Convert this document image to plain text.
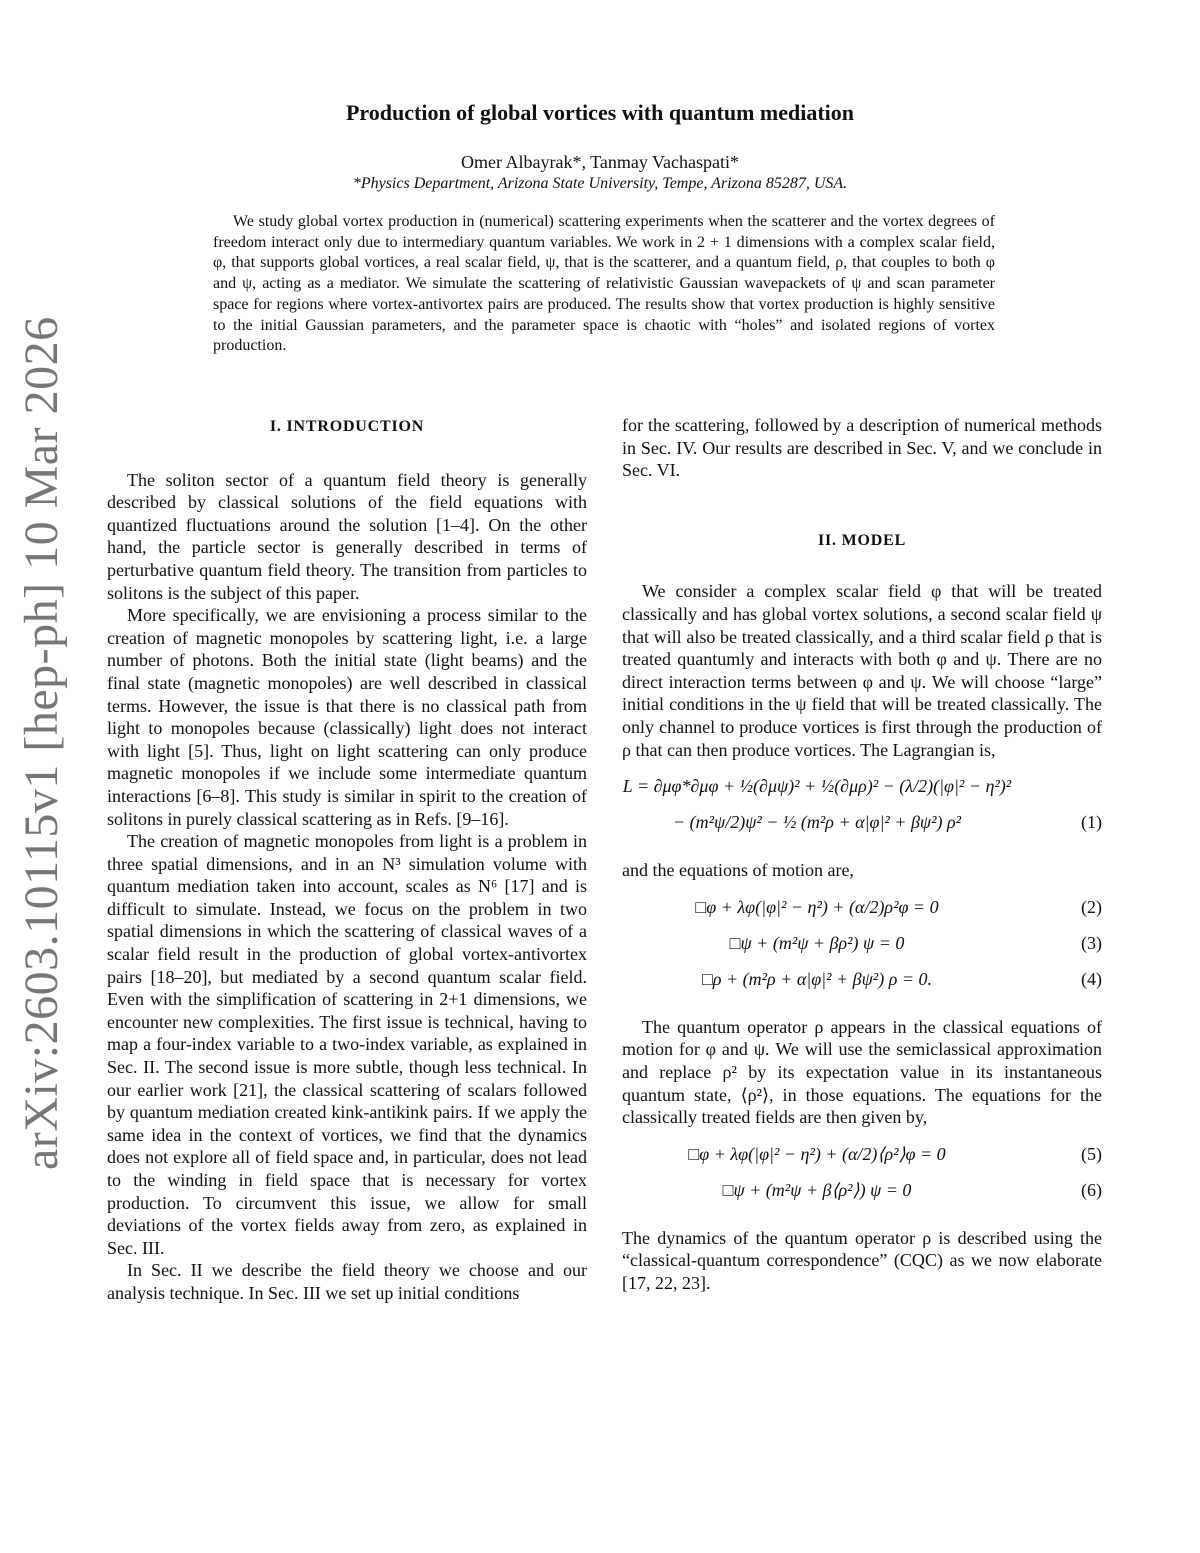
arXiv:2603.10115v1 [hep-ph] 10 Mar 2026
Production of global vortices with quantum mediation
Omer Albayrak*, Tanmay Vachaspati*
*Physics Department, Arizona State University, Tempe, Arizona 85287, USA.
We study global vortex production in (numerical) scattering experiments when the scatterer and the vortex degrees of freedom interact only due to intermediary quantum variables. We work in 2 + 1 dimensions with a complex scalar field, φ, that supports global vortices, a real scalar field, ψ, that is the scatterer, and a quantum field, ρ, that couples to both φ and ψ, acting as a mediator. We simulate the scattering of relativistic Gaussian wavepackets of ψ and scan parameter space for regions where vortex-antivortex pairs are produced. The results show that vortex production is highly sensitive to the initial Gaussian parameters, and the parameter space is chaotic with “holes” and isolated regions of vortex production.
I. INTRODUCTION

The soliton sector of a quantum field theory is generally described by classical solutions of the field equations with quantized fluctuations around the solution [1–4]. On the other hand, the particle sector is generally described in terms of perturbative quantum field theory. The transition from particles to solitons is the subject of this paper.

More specifically, we are envisioning a process similar to the creation of magnetic monopoles by scattering light, i.e. a large number of photons. Both the initial state (light beams) and the final state (magnetic monopoles) are well described in classical terms. However, the issue is that there is no classical path from light to monopoles because (classically) light does not interact with light [5]. Thus, light on light scattering can only produce magnetic monopoles if we include some intermediate quantum interactions [6–8]. This study is similar in spirit to the creation of solitons in purely classical scattering as in Refs. [9–16].

The creation of magnetic monopoles from light is a problem in three spatial dimensions, and in an N³ simulation volume with quantum mediation taken into account, scales as N⁶ [17] and is difficult to simulate. Instead, we focus on the problem in two spatial dimensions in which the scattering of classical waves of a scalar field result in the production of global vortex-antivortex pairs [18–20], but mediated by a second quantum scalar field. Even with the simplification of scattering in 2+1 dimensions, we encounter new complexities. The first issue is technical, having to map a four-index variable to a two-index variable, as explained in Sec. II. The second issue is more subtle, though less technical. In our earlier work [21], the classical scattering of scalars followed by quantum mediation created kink-antikink pairs. If we apply the same idea in the context of vortices, we find that the dynamics does not explore all of field space and, in particular, does not lead to the winding in field space that is necessary for vortex production. To circumvent this issue, we allow for small deviations of the vortex fields away from zero, as explained in Sec. III.

In Sec. II we describe the field theory we choose and our analysis technique. In Sec. III we set up initial conditions

for the scattering, followed by a description of numerical methods in Sec. IV. Our results are described in Sec. V, and we conclude in Sec. VI.

II. MODEL

We consider a complex scalar field φ that will be treated classically and has global vortex solutions, a second scalar field ψ that will also be treated classically, and a third scalar field ρ that is treated quantumly and interacts with both φ and ψ. There are no direct interaction terms between φ and ψ. We will choose “large” initial conditions in the ψ field that will be treated classically. The only channel to produce vortices is first through the production of ρ that can then produce vortices. The Lagrangian is,

L = ∂μφ*∂μφ + ½(∂μψ)² + ½(∂μρ)² − (λ/2)(|φ|² − η²)²
− (m²ψ/2)ψ² − ½ (m²ρ + α|φ|² + βψ²) ρ²	(1)

and the equations of motion are,

□φ + λφ(|φ|² − η²) + (α/2)ρ²φ = 0	(2)
□ψ + (m²ψ + βρ²) ψ = 0	(3)
□ρ + (m²ρ + α|φ|² + βψ²) ρ = 0.	(4)

The quantum operator ρ appears in the classical equations of motion for φ and ψ. We will use the semiclassical approximation and replace ρ² by its expectation value in its instantaneous quantum state, ⟨ρ²⟩, in those equations. The equations for the classically treated fields are then given by,

□φ + λφ(|φ|² − η²) + (α/2)⟨ρ²⟩φ = 0	(5)
□ψ + (m²ψ + β⟨ρ²⟩) ψ = 0	(6)

The dynamics of the quantum operator ρ is described using the “classical-quantum correspondence” (CQC) as we now elaborate [17, 22, 23].
